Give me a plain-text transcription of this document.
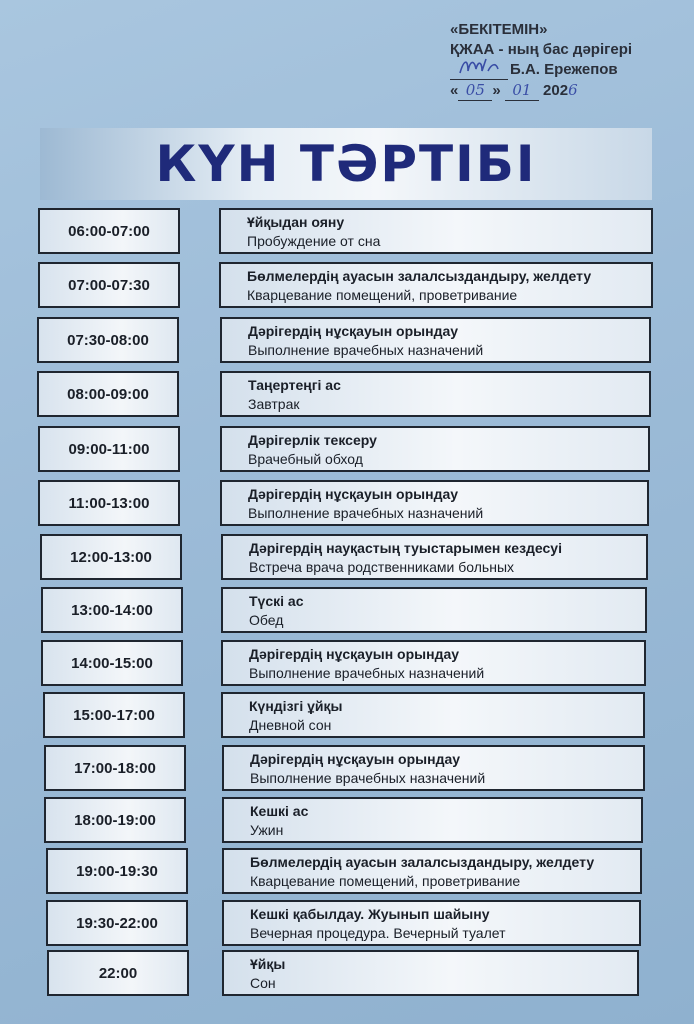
«БЕКІТЕМІН»
ҚЖАА - ның бас дәрігері
Б.А. Ережепов
« 05 » 01 2026
КҮН ТӘРТІБІ
06:00-07:00
Ұйқыдан ояну
Пробуждение от сна
07:00-07:30
Бөлмелердің ауасын залалсыздандыру, желдету
Кварцевание помещений, проветривание
07:30-08:00
Дәрігердің нұсқауын орындау
Выполнение врачебных назначений
08:00-09:00
Таңертеңгі ас
Завтрак
09:00-11:00
Дәрігерлік тексеру
Врачебный обход
11:00-13:00
Дәрігердің нұсқауын орындау
Выполнение врачебных назначений
12:00-13:00
Дәрігердің науқастың туыстарымен кездесуі
Встреча врача родственниками больных
13:00-14:00
Түскі ас
Обед
14:00-15:00
Дәрігердің нұсқауын орындау
Выполнение врачебных назначений
15:00-17:00
Күндізгі ұйқы
Дневной сон
17:00-18:00
Дәрігердің нұсқауын орындау
Выполнение врачебных назначений
18:00-19:00
Кешкі ас
Ужин
19:00-19:30
Бөлмелердің ауасын залалсыздандыру, желдету
Кварцевание помещений, проветривание
19:30-22:00
Кешкі қабылдау. Жуынып шайыну
Вечерная процедура. Вечерный туалет
22:00
Ұйқы
Сон
